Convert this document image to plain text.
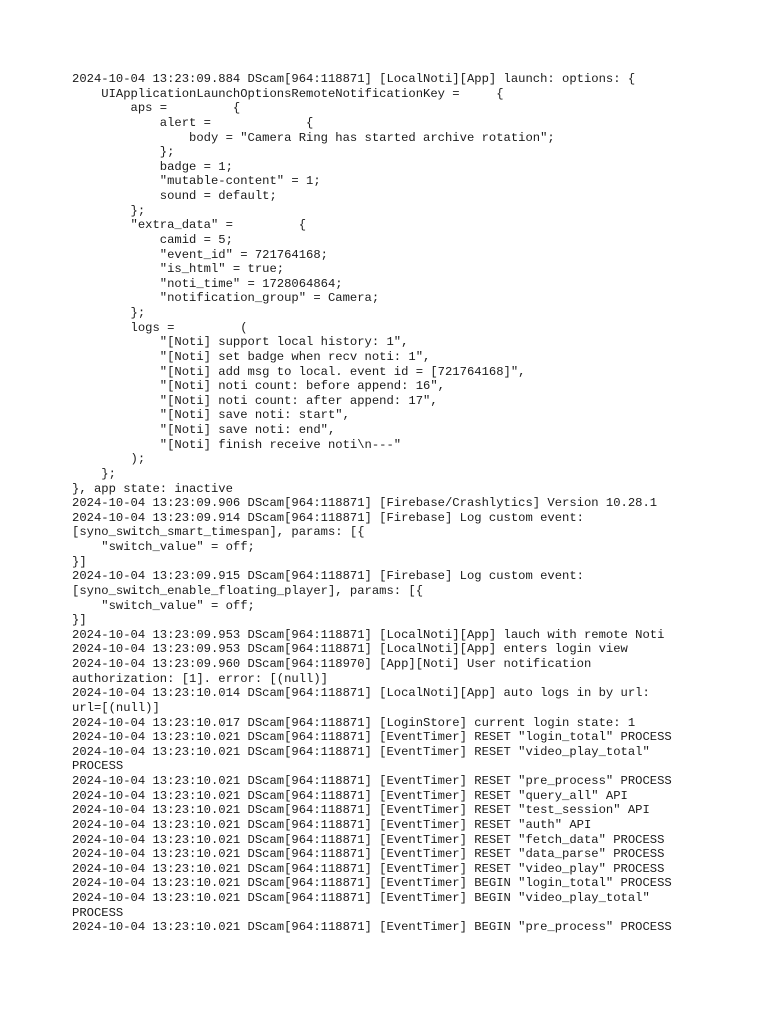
2024-10-04 13:23:09.884 DScam[964:118871] [LocalNoti][App] launch: options: {
UIApplicationLaunchOptionsRemoteNotificationKey =     {
aps =         {
alert =             {
body = "Camera Ring has started archive rotation";
};
badge = 1;
"mutable-content" = 1;
sound = default;
};
"extra_data" =         {
camid = 5;
"event_id" = 721764168;
"is_html" = true;
"noti_time" = 1728064864;
"notification_group" = Camera;
};
logs =         (
"[Noti] support local history: 1",
"[Noti] set badge when recv noti: 1",
"[Noti] add msg to local. event id = [721764168]",
"[Noti] noti count: before append: 16",
"[Noti] noti count: after append: 17",
"[Noti] save noti: start",
"[Noti] save noti: end",
"[Noti] finish receive noti\n---"
);
};
}, app state: inactive
2024-10-04 13:23:09.906 DScam[964:118871] [Firebase/Crashlytics] Version 10.28.1
2024-10-04 13:23:09.914 DScam[964:118871] [Firebase] Log custom event:
[syno_switch_smart_timespan], params: [{
"switch_value" = off;
}]
2024-10-04 13:23:09.915 DScam[964:118871] [Firebase] Log custom event:
[syno_switch_enable_floating_player], params: [{
"switch_value" = off;
}]
2024-10-04 13:23:09.953 DScam[964:118871] [LocalNoti][App] lauch with remote Noti
2024-10-04 13:23:09.953 DScam[964:118871] [LocalNoti][App] enters login view
2024-10-04 13:23:09.960 DScam[964:118970] [App][Noti] User notification
authorization: [1]. error: [(null)]
2024-10-04 13:23:10.014 DScam[964:118871] [LocalNoti][App] auto logs in by url:
url=[(null)]
2024-10-04 13:23:10.017 DScam[964:118871] [LoginStore] current login state: 1
2024-10-04 13:23:10.021 DScam[964:118871] [EventTimer] RESET "login_total" PROCESS
2024-10-04 13:23:10.021 DScam[964:118871] [EventTimer] RESET "video_play_total"
PROCESS
2024-10-04 13:23:10.021 DScam[964:118871] [EventTimer] RESET "pre_process" PROCESS
2024-10-04 13:23:10.021 DScam[964:118871] [EventTimer] RESET "query_all" API
2024-10-04 13:23:10.021 DScam[964:118871] [EventTimer] RESET "test_session" API
2024-10-04 13:23:10.021 DScam[964:118871] [EventTimer] RESET "auth" API
2024-10-04 13:23:10.021 DScam[964:118871] [EventTimer] RESET "fetch_data" PROCESS
2024-10-04 13:23:10.021 DScam[964:118871] [EventTimer] RESET "data_parse" PROCESS
2024-10-04 13:23:10.021 DScam[964:118871] [EventTimer] RESET "video_play" PROCESS
2024-10-04 13:23:10.021 DScam[964:118871] [EventTimer] BEGIN "login_total" PROCESS
2024-10-04 13:23:10.021 DScam[964:118871] [EventTimer] BEGIN "video_play_total"
PROCESS
2024-10-04 13:23:10.021 DScam[964:118871] [EventTimer] BEGIN "pre_process" PROCESS
